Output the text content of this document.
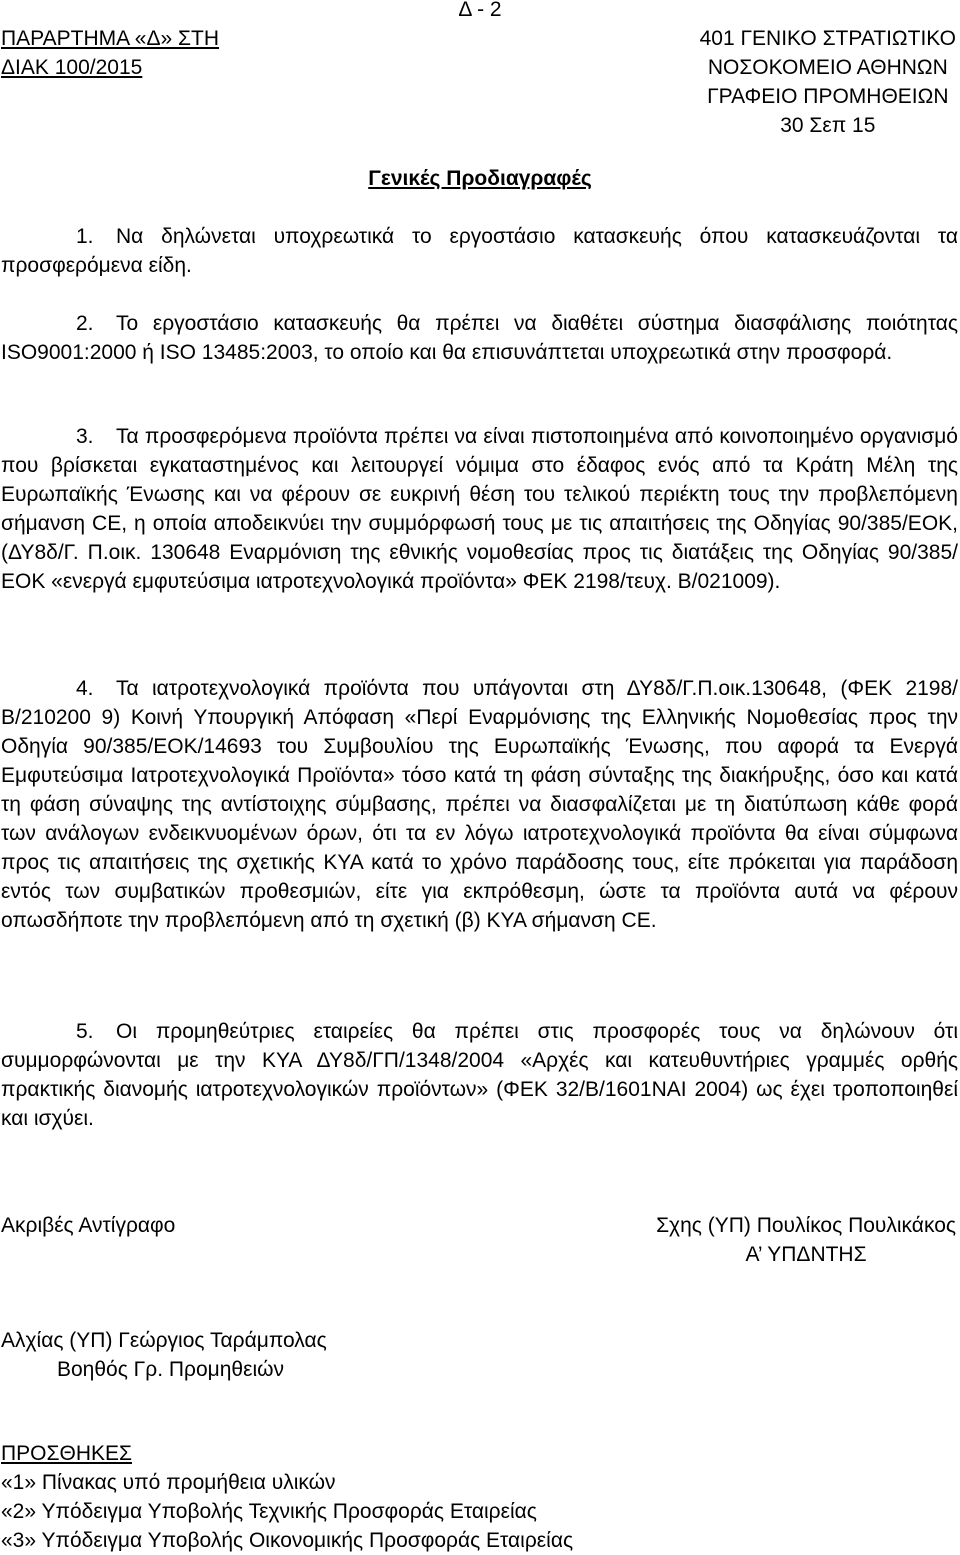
Δ - 2
ΠΑΡΑΡΤΗΜΑ «Δ» ΣΤΗ
ΔΙΑΚ 100/2015
401 ΓΕΝΙΚΟ ΣΤΡΑΤΙΩΤΙΚΟ
ΝΟΣΟΚΟΜΕΙΟ ΑΘΗΝΩΝ
ΓΡΑΦΕΙΟ ΠΡΟΜΗΘΕΙΩΝ
30 Σεπ 15
Γενικές Προδιαγραφές

1. Να δηλώνεται υποχρεωτικά το εργοστάσιο κατασκευής όπου κατασκευάζονται τα προσφερόμενα είδη.

2. Το εργοστάσιο κατασκευής θα πρέπει να διαθέτει σύστημα διασφάλισης ποιότητας ISO9001:2000 ή ISO 13485:2003, το οποίο και θα επισυνάπτεται υποχρεωτικά στην προσφορά.

3. Τα προσφερόμενα προϊόντα πρέπει να είναι πιστοποιημένα από κοινοποιημένο οργανισμό που βρίσκεται εγκαταστημένος και λειτουργεί νόμιμα στο έδαφος ενός από τα Κράτη Μέλη της Ευρωπαϊκής Ένωσης και να φέρουν σε ευκρινή θέση του τελικού περιέκτη τους την προβλεπόμενη σήμανση CE, η οποία αποδεικνύει την συμμόρφωσή τους με τις απαιτήσεις της Οδηγίας 90/385/ΕΟΚ, (ΔΥ8δ/Γ. Π.οικ. 130648 Εναρμόνιση της εθνικής νομοθεσίας προς τις διατάξεις της Οδηγίας 90/385/ΕΟΚ «ενεργά εμφυτεύσιμα ιατροτεχνολογικά προϊόντα» ΦΕΚ 2198/τευχ. Β/021009).

4. Τα ιατροτεχνολογικά προϊόντα που υπάγονται στη ΔΥ8δ/Γ.Π.οικ.130648, (ΦΕΚ 2198/Β/210200 9) Κοινή Υπουργική Απόφαση «Περί Εναρμόνισης της Ελληνικής Νομοθεσίας προς την Οδηγία 90/385/ΕΟΚ/14693 του Συμβουλίου της Ευρωπαϊκής Ένωσης, που αφορά τα Ενεργά Εμφυτεύσιμα Ιατροτεχνολογικά Προϊόντα» τόσο κατά τη φάση σύνταξης της διακήρυξης, όσο και κατά τη φάση σύναψης της αντίστοιχης σύμβασης, πρέπει να διασφαλίζεται με τη διατύπωση κάθε φορά των ανάλογων ενδεικνυομένων όρων, ότι τα εν λόγω ιατροτεχνολογικά προϊόντα θα είναι σύμφωνα προς τις απαιτήσεις της σχετικής ΚΥΑ κατά το χρόνο παράδοσης τους, είτε πρόκειται για παράδοση εντός των συμβατικών προθεσμιών, είτε για εκπρόθεσμη, ώστε τα προϊόντα αυτά να φέρουν οπωσδήποτε την προβλεπόμενη από τη σχετική (β) ΚΥΑ σήμανση CE.

5. Οι προμηθεύτριες εταιρείες θα πρέπει στις προσφορές τους να δηλώνουν ότι συμμορφώνονται με την ΚΥΑ ΔΥ8δ/ΓΠ/1348/2004 «Αρχές και κατευθυντήριες γραμμές ορθής πρακτικής διανομής ιατροτεχνολογικών προϊόντων» (ΦΕΚ 32/Β/1601ΝΑΙ 2004) ως έχει τροποποιηθεί και ισχύει.

Ακριβές Αντίγραφο	Σχης (ΥΠ) Πουλίκος Πουλικάκος
Α’ ΥΠΔΝΤΗΣ
Αλχίας (ΥΠ) Γεώργιος Ταράμπολας
Βοηθός Γρ. Προμηθειών
ΠΡΟΣΘΗΚΕΣ
«1» Πίνακας υπό προμήθεια υλικών
«2» Υπόδειγμα Υποβολής Τεχνικής Προσφοράς Εταιρείας
«3» Υπόδειγμα Υποβολής Οικονομικής Προσφοράς Εταιρείας
